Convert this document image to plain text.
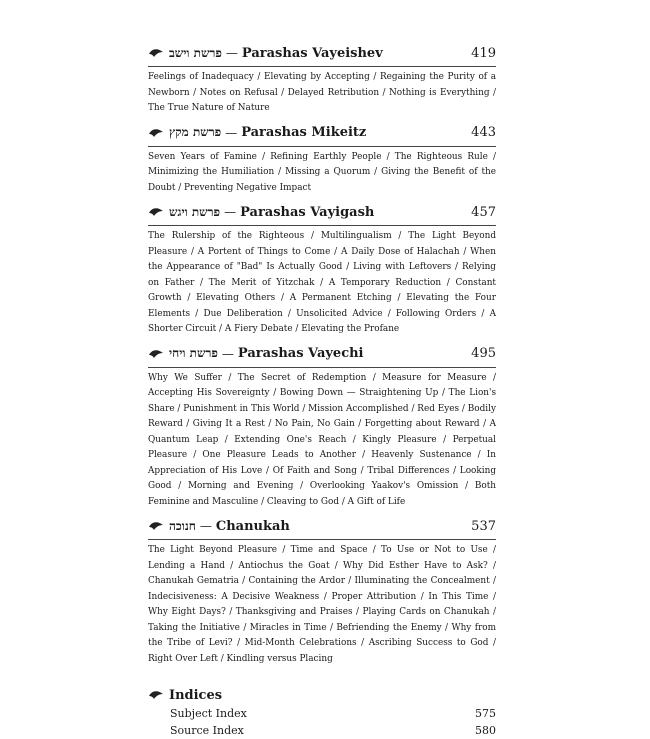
פרשת וישב — Parashas Vayeishev	419
Feelings of Inadequacy / Elevating by Accepting / Regaining the Purity of a Newborn / Notes on Refusal / Delayed Retribution / Nothing is Everything / The True Nature of Nature
פרשת מקץ — Parashas Mikeitz	443
Seven Years of Famine / Refining Earthly People / The Righteous Rule / Minimizing the Humiliation / Missing a Quorum / Giving the Benefit of the Doubt / Preventing Negative Impact
פרשת ויגש — Parashas Vayigash	457
The Rulership of the Righteous / Multilingualism / The Light Beyond Pleasure / A Portent of Things to Come / A Daily Dose of Halachah / When the Appearance of "Bad" Is Actually Good / Living with Leftovers / Relying on Father / The Merit of Yitzchak / A Temporary Reduction / Constant Growth / Elevating Others / A Permanent Etching / Elevating the Four Elements / Due Deliberation / Unsolicited Advice / Following Orders / A Shorter Circuit / A Fiery Debate / Elevating the Profane
פרשת ויחי — Parashas Vayechi	495
Why We Suffer / The Secret of Redemption / Measure for Measure / Accepting His Sovereignty / Bowing Down — Straightening Up / The Lion's Share / Punishment in This World / Mission Accomplished / Red Eyes / Bodily Reward / Giving It a Rest / No Pain, No Gain / Forgetting about Reward / A Quantum Leap / Extending One's Reach / Kingly Pleasure / Perpetual Pleasure / One Pleasure Leads to Another / Heavenly Sustenance / In Appreciation of His Love / Of Faith and Song / Tribal Differences / Looking Good / Morning and Evening / Overlooking Yaakov's Omission / Both Feminine and Masculine / Cleaving to God / A Gift of Life
חנוכה — Chanukah	537
The Light Beyond Pleasure / Time and Space / To Use or Not to Use / Lending a Hand / Antiochus the Goat / Why Did Esther Have to Ask? / Chanukah Gematria / Containing the Ardor / Illuminating the Concealment / Indecisiveness: A Decisive Weakness / Proper Attribution / In This Time / Why Eight Days? / Thanksgiving and Praises / Playing Cards on Chanukah / Taking the Initiative / Miracles in Time / Befriending the Enemy / Why from the Tribe of Levi? / Mid-Month Celebrations / Ascribing Success to God / Right Over Left / Kindling versus Placing
Indices
Subject Index	575
Source Index	580
